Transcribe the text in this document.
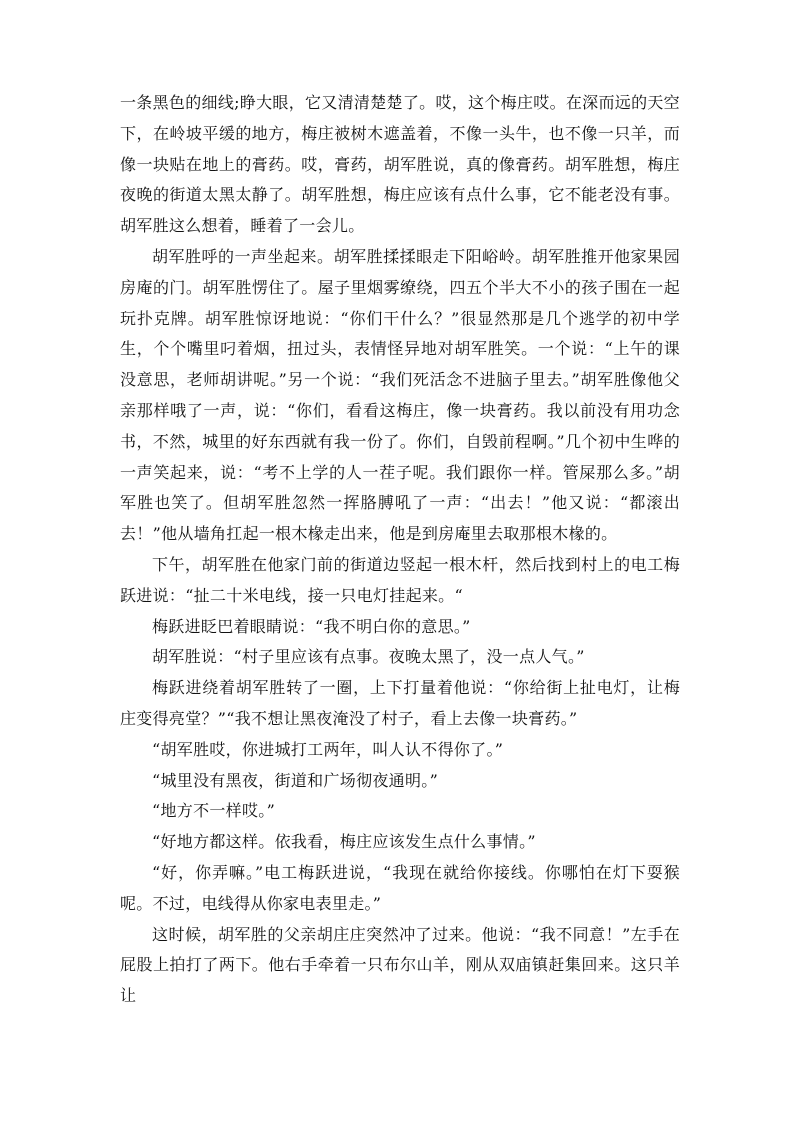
一条黑色的细线;睁大眼，它又清清楚楚了。哎，这个梅庄哎。在深而远的天空下，在岭坡平缓的地方，梅庄被树木遮盖着，不像一头牛，也不像一只羊，而像一块贴在地上的膏药。哎，膏药，胡军胜说，真的像膏药。胡军胜想，梅庄夜晚的街道太黑太静了。胡军胜想，梅庄应该有点什么事，它不能老没有事。胡军胜这么想着，睡着了一会儿。

胡军胜呼的一声坐起来。胡军胜揉揉眼走下阳峪岭。胡军胜推开他家果园房庵的门。胡军胜愣住了。屋子里烟雾缭绕，四五个半大不小的孩子围在一起玩扑克牌。胡军胜惊讶地说：“你们干什么？”很显然那是几个逃学的初中学生，个个嘴里叼着烟，扭过头，表情怪异地对胡军胜笑。一个说：“上午的课没意思，老师胡讲呢。”另一个说：“我们死活念不进脑子里去。”胡军胜像他父亲那样哦了一声，说：“你们，看看这梅庄，像一块膏药。我以前没有用功念书，不然，城里的好东西就有我一份了。你们，自毁前程啊。”几个初中生哗的一声笑起来，说：“考不上学的人一茬子呢。我们跟你一样。管屎那么多。”胡军胜也笑了。但胡军胜忽然一挥胳膊吼了一声：“出去！”他又说：“都滚出去！”他从墙角扛起一根木椽走出来，他是到房庵里去取那根木椽的。

下午，胡军胜在他家门前的街道边竖起一根木杆，然后找到村上的电工梅跃进说：“扯二十米电线，接一只电灯挂起来。“

梅跃进眨巴着眼睛说：“我不明白你的意思。”

胡军胜说：“村子里应该有点事。夜晚太黑了，没一点人气。”

梅跃进绕着胡军胜转了一圈，上下打量着他说：“你给街上扯电灯，让梅庄变得亮堂？”“我不想让黑夜淹没了村子，看上去像一块膏药。”

“胡军胜哎，你进城打工两年，叫人认不得你了。”

“城里没有黑夜，街道和广场彻夜通明。”

“地方不一样哎。”

“好地方都这样。依我看，梅庄应该发生点什么事情。”

“好，你弄嘛。”电工梅跃进说，“我现在就给你接线。你哪怕在灯下耍猴呢。不过，电线得从你家电表里走。”

这时候，胡军胜的父亲胡庄庄突然冲了过来。他说：“我不同意！”左手在屁股上拍打了两下。他右手牵着一只布尔山羊，刚从双庙镇赶集回来。这只羊让
